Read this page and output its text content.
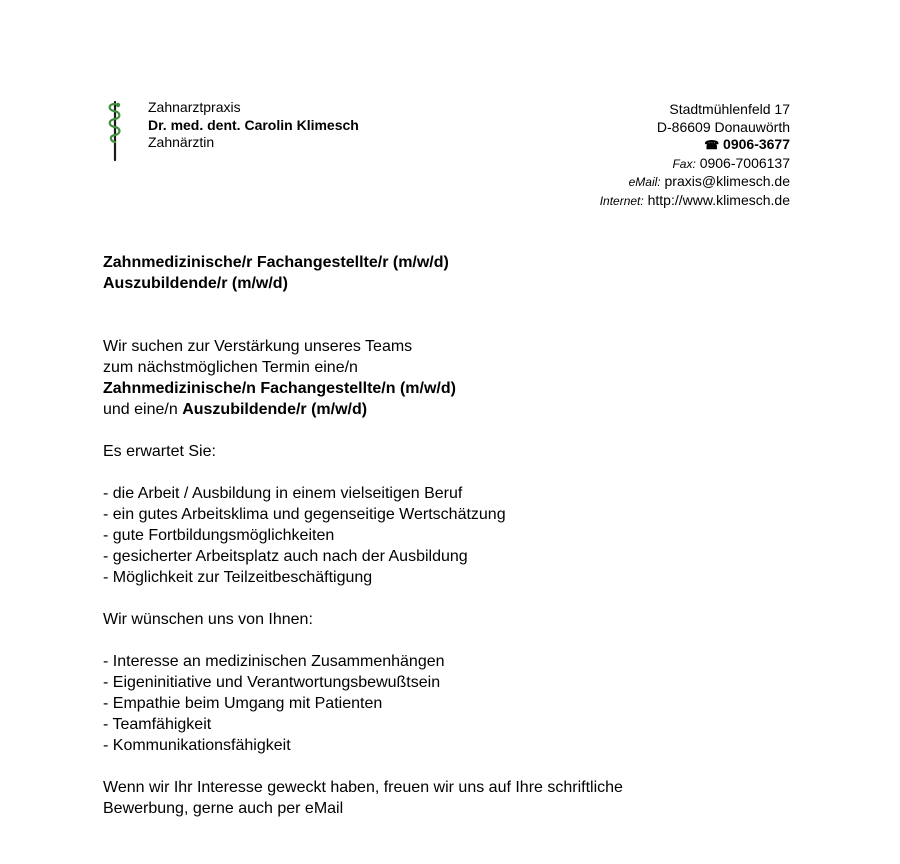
Zahnarztpraxis
Dr. med. dent. Carolin Klimesch
Zahnärztin
Stadtmühlenfeld 17
D-86609 Donauwörth
☎ 0906-3677
Fax: 0906-7006137
eMail: praxis@klimesch.de
Internet: http://www.klimesch.de
Zahnmedizinische/r Fachangestellte/r (m/w/d)
Auszubildende/r (m/w/d)

Wir suchen zur Verstärkung unseres Teams

zum nächstmöglichen Termin eine/n

Zahnmedizinische/n Fachangestellte/n (m/w/d)

und eine/n Auszubildende/r (m/w/d)

Es erwartet Sie:

- die Arbeit / Ausbildung in einem vielseitigen Beruf

- ein gutes Arbeitsklima und gegenseitige Wertschätzung

- gute Fortbildungsmöglichkeiten

- gesicherter Arbeitsplatz auch nach der Ausbildung

- Möglichkeit zur Teilzeitbeschäftigung

Wir wünschen uns von Ihnen:

- Interesse an medizinischen Zusammenhängen

- Eigeninitiative und Verantwortungsbewußtsein

- Empathie beim Umgang mit Patienten

- Teamfähigkeit

- Kommunikationsfähigkeit

Wenn wir Ihr Interesse geweckt haben, freuen wir uns auf Ihre schriftliche

Bewerbung, gerne auch per eMail
